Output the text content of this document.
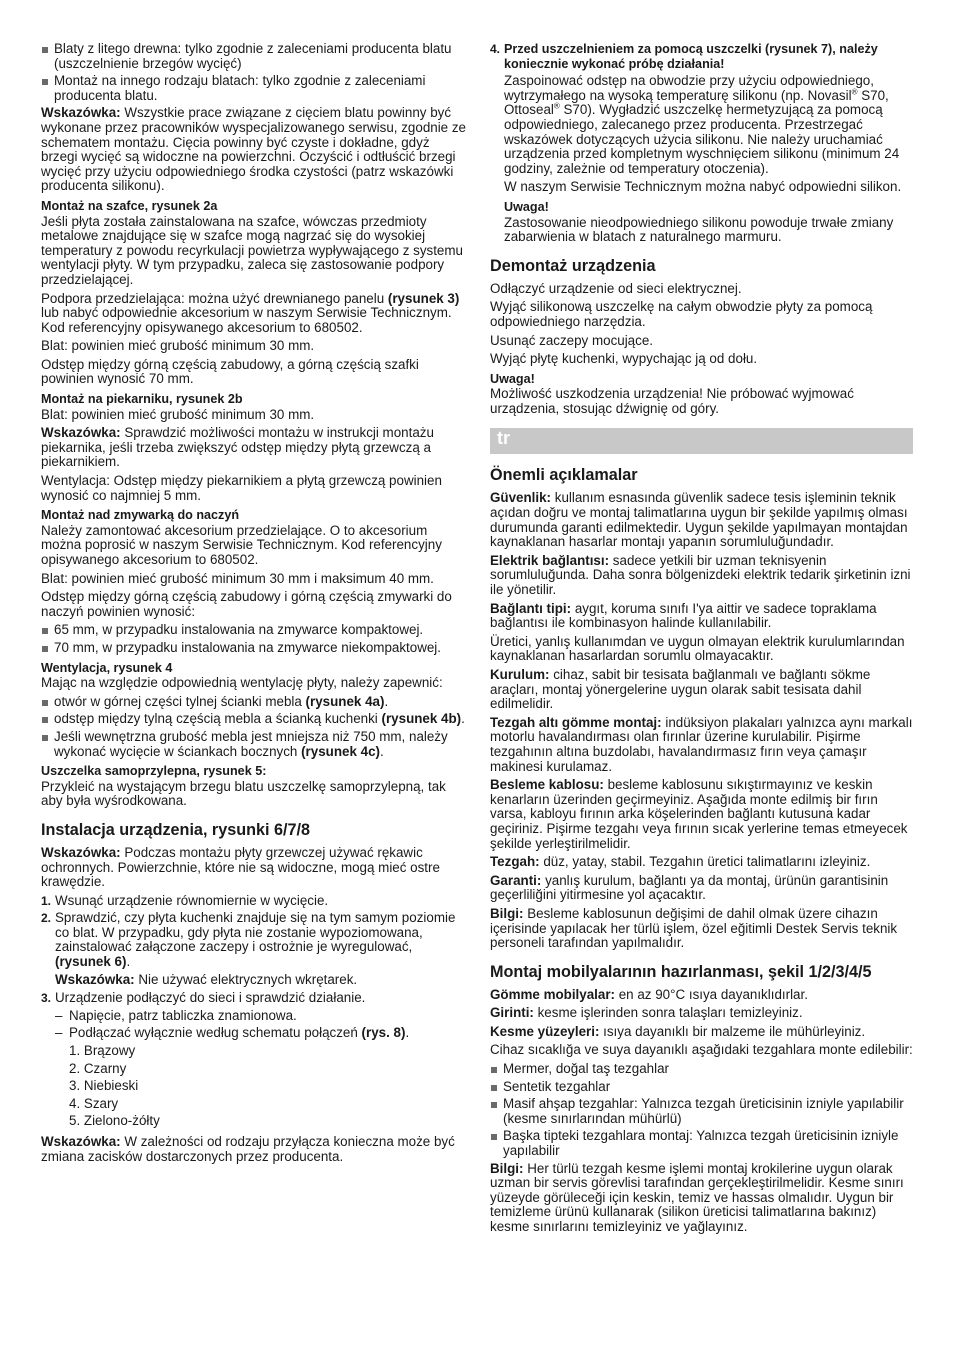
Blaty z litego drewna: tylko zgodnie z zaleceniami producenta blatu (uszczelnienie brzegów wycięć)
Montaż na innego rodzaju blatach: tylko zgodnie z zaleceniami producenta blatu.

Wskazówka: Wszystkie prace związane z cięciem blatu powinny być wykonane przez pracowników wyspecjalizowanego serwisu, zgodnie ze schematem montażu. Cięcia powinny być czyste i dokładne, gdyż brzegi wycięć są widoczne na powierzchni. Oczyścić i odtłuścić brzegi wycięć przy użyciu odpowiedniego środka czystości (patrz wskazówki producenta silikonu).

Montaż na szafce, rysunek 2a

Jeśli płyta została zainstalowana na szafce, wówczas przedmioty metalowe znajdujące się w szafce mogą nagrzać się do wysokiej temperatury z powodu recyrkulacji powietrza wypływającego z systemu wentylacji płyty. W tym przypadku, zaleca się zastosowanie podpory przedzielającej.

Podpora przedzielająca: można użyć drewnianego panelu (rysunek 3) lub nabyć odpowiednie akcesorium w naszym Serwisie Technicznym. Kod referencyjny opisywanego akcesorium to 680502.

Blat: powinien mieć grubość minimum 30 mm.

Odstęp między górną częścią zabudowy, a górną częścią szafki powinien wynosić 70 mm.

Montaż na piekarniku, rysunek 2b

Blat: powinien mieć grubość minimum 30 mm.

Wskazówka: Sprawdzić możliwości montażu w instrukcji montażu piekarnika, jeśli trzeba zwiększyć odstęp między płytą grzewczą a piekarnikiem.

Wentylacja: Odstęp między piekarnikiem a płytą grzewczą powinien wynosić co najmniej 5 mm.

Montaż nad zmywarką do naczyń

Należy zamontować akcesorium przedzielające. O to akcesorium można poprosić w naszym Serwisie Technicznym. Kod referencyjny opisywanego akcesorium to 680502.

Blat: powinien mieć grubość minimum 30 mm i maksimum 40 mm.

Odstęp między górną częścią zabudowy i górną częścią zmywarki do naczyń powinien wynosić:

65 mm, w przypadku instalowania na zmywarce kompaktowej.
70 mm, w przypadku instalowania na zmywarce niekompaktowej.
Wentylacja, rysunek 4

Mając na względzie odpowiednią wentylację płyty, należy zapewnić:

otwór w górnej części tylnej ścianki mebla (rysunek 4a).
odstęp między tylną częścią mebla a ścianką kuchenki (rysunek 4b).
Jeśli wewnętrzna grubość mebla jest mniejsza niż 750 mm, należy wykonać wycięcie w ściankach bocznych (rysunek 4c).
Uszczelka samoprzylepna, rysunek 5:

Przykleić na wystającym brzegu blatu uszczelkę samoprzylepną, tak aby była wyśrodkowana.

Instalacja urządzenia, rysunki 6/7/8

Wskazówka: Podczas montażu płyty grzewczej używać rękawic ochronnych. Powierzchnie, które nie są widoczne, mogą mieć ostre krawędzie.

1. Wsunąć urządzenie równomiernie w wycięcie.
2. Sprawdzić, czy płyta kuchenki znajduje się na tym samym poziomie co blat. W przypadku, gdy płyta nie zostanie wypoziomowana, zainstalować załączone zaczepy i ostrożnie je wyregulować, (rysunek 6).

Wskazówka: Nie używać elektrycznych wkrętarek.

3. Urządzenie podłączyć do sieci i sprawdzić działanie.
– Napięcie, patrz tabliczka znamionowa.
– Podłączać wyłącznie według schematu połączeń (rys. 8).
1. Brązowy
2. Czarny
3. Niebieski
4. Szary
5. Zielono-żółty

Wskazówka: W zależności od rodzaju przyłącza konieczna może być zmiana zacisków dostarczonych przez producenta.

4. Przed uszczelnieniem za pomocą uszczelki (rysunek 7), należy koniecznie wykonać próbę działania!

Zaspoinować odstęp na obwodzie przy użyciu odpowiedniego, wytrzymałego na wysoką temperaturę silikonu (np. Novasil® S70, Ottoseal® S70). Wygładzić uszczelkę hermetyzującą za pomocą odpowiedniego, zalecanego przez producenta. Przestrzegać wskazówek dotyczących użycia silikonu. Nie należy uruchamiać urządzenia przed kompletnym wyschnięciem silikonu (minimum 24 godziny, zależnie od temperatury otoczenia).

W naszym Serwisie Technicznym można nabyć odpowiedni silikon.

Uwaga!

Zastosowanie nieodpowiedniego silikonu powoduje trwałe zmiany zabarwienia w blatach z naturalnego marmuru.

Demontaż urządzenia

Odłączyć urządzenie od sieci elektrycznej.

Wyjąć silikonową uszczelkę na całym obwodzie płyty za pomocą odpowiedniego narzędzia.

Usunąć zaczepy mocujące.

Wyjąć płytę kuchenki, wypychając ją od dołu.

Uwaga!

Możliwość uszkodzenia urządzenia! Nie próbować wyjmować urządzenia, stosując dźwignię od góry.

tr
Önemli açıklamalar

Güvenlik: kullanım esnasında güvenlik sadece tesis işleminin teknik açıdan doğru ve montaj talimatlarına uygun bir şekilde yapılmış olması durumunda garanti edilmektedir. Uygun şekilde yapılmayan montajdan kaynaklanan hasarlar montajı yapanın sorumluluğundadır.

Elektrik bağlantısı: sadece yetkili bir uzman teknisyenin sorumluluğunda. Daha sonra bölgenizdeki elektrik tedarik şirketinin izni ile yönetilir.

Bağlantı tipi: aygıt, koruma sınıfı I'ya aittir ve sadece topraklama bağlantısı ile kombinasyon halinde kullanılabilir.

Üretici, yanlış kullanımdan ve uygun olmayan elektrik kurulumlarından kaynaklanan hasarlardan sorumlu olmayacaktır.

Kurulum: cihaz, sabit bir tesisata bağlanmalı ve bağlantı sökme araçları, montaj yönergelerine uygun olarak sabit tesisata dahil edilmelidir.

Tezgah altı gömme montaj: indüksiyon plakaları yalnızca aynı markalı motorlu havalandırması olan fırınlar üzerine kurulabilir. Pişirme tezgahının altına buzdolabı, havalandırmasız fırın veya çamaşır makinesi kurulamaz.

Besleme kablosu: besleme kablosunu sıkıştırmayınız ve keskin kenarların üzerinden geçirmeyiniz. Aşağıda monte edilmiş bir fırın varsa, kabloyu fırının arka köşelerinden bağlantı kutusuna kadar geçiriniz. Pişirme tezgahı veya fırının sıcak yerlerine temas etmeyecek şekilde yerleştirilmelidir.

Tezgah: düz, yatay, stabil. Tezgahın üretici talimatlarını izleyiniz.

Garanti: yanlış kurulum, bağlantı ya da montaj, ürünün garantisinin geçerliliğini yitirmesine yol açacaktır.

Bilgi: Besleme kablosunun değişimi de dahil olmak üzere cihazın içerisinde yapılacak her türlü işlem, özel eğitimli Destek Servis teknik personeli tarafından yapılmalıdır.

Montaj mobilyalarının hazırlanması, şekil 1/2/3/4/5

Gömme mobilyalar: en az 90°C ısıya dayanıklıdırlar.

Girinti: kesme işlerinden sonra talaşları temizleyiniz.

Kesme yüzeyleri: ısıya dayanıklı bir malzeme ile mühürleyiniz.

Cihaz sıcaklığa ve suya dayanıklı aşağıdaki tezgahlara monte edilebilir:

Mermer, doğal taş tezgahlar
Sentetik tezgahlar
Masif ahşap tezgahlar: Yalnızca tezgah üreticisinin izniyle yapılabilir (kesme sınırlarından mühürlü)
Başka tipteki tezgahlara montaj: Yalnızca tezgah üreticisinin izniyle yapılabilir

Bilgi: Her türlü tezgah kesme işlemi montaj krokilerine uygun olarak uzman bir servis görevlisi tarafından gerçekleştirilmelidir. Kesme sınırı yüzeyde görüleceği için keskin, temiz ve hassas olmalıdır. Uygun bir temizleme ürünü kullanarak (silikon üreticisi talimatlarına bakınız) kesme sınırlarını temizleyiniz ve yağlayınız.
